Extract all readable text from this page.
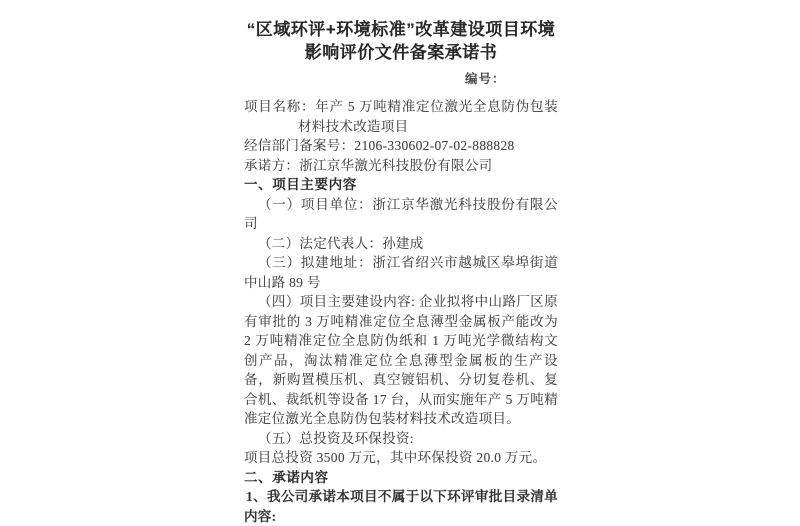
“区域环评+环境标准”改革建设项目环境
影响评价文件备案承诺书
编号：

项目名称：年产 5 万吨精准定位激光全息防伪包装材料技术改造项目

经信部门备案号：2106-330602-07-02-888828

承诺方：浙江京华激光科技股份有限公司

一、项目主要内容

（一）项目单位：浙江京华激光科技股份有限公司

（二）法定代表人：孙建成

（三）拟建地址：浙江省绍兴市越城区皋埠街道中山路 89 号

（四）项目主要建设内容: 企业拟将中山路厂区原有审批的 3 万吨精准定位全息薄型金属板产能改为 2 万吨精准定位全息防伪纸和 1 万吨光学微结构文创产品，淘汰精准定位全息薄型金属板的生产设备，新购置模压机、真空镀铝机、分切复卷机、复合机、裁纸机等设备 17 台，从而实施年产 5 万吨精准定位激光全息防伪包装材料技术改造项目。

（五）总投资及环保投资:

项目总投资 3500 万元，其中环保投资 20.0 万元。

二、承诺内容

1、我公司承诺本项目不属于以下环评审批目录清单内容:
